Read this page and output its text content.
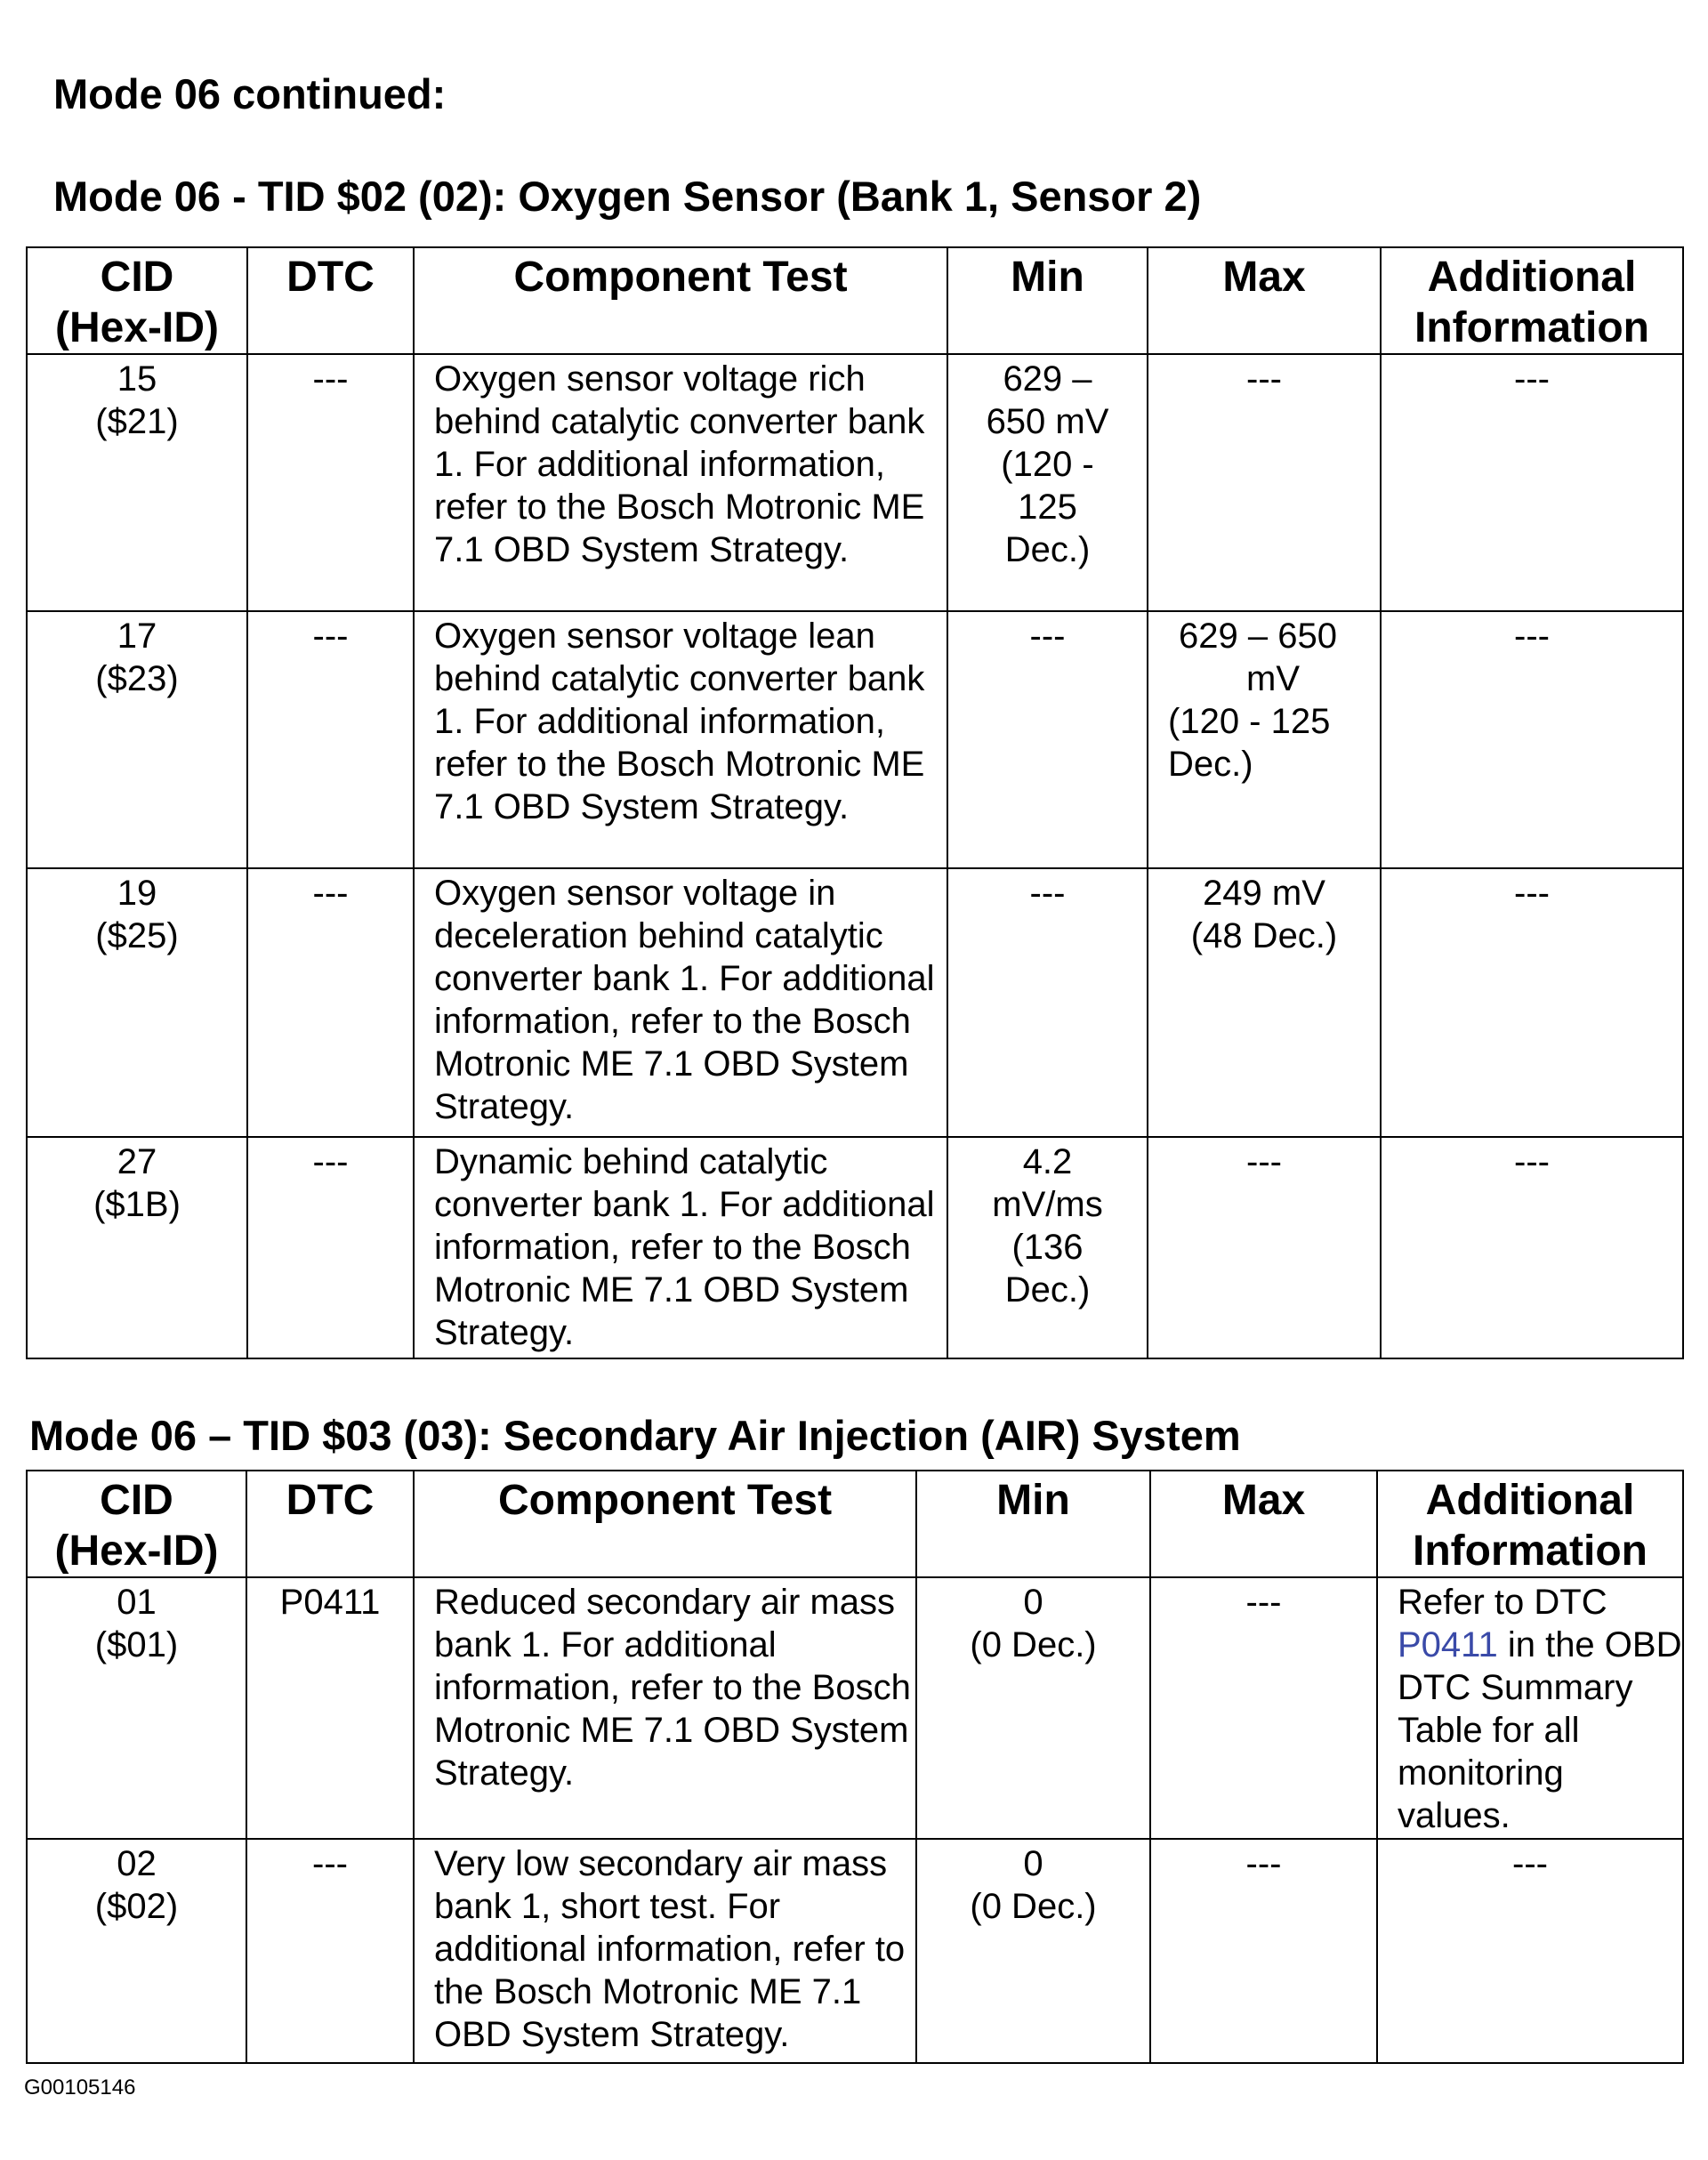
Mode 06 continued:
Mode 06 - TID $02 (02): Oxygen Sensor (Bank 1, Sensor 2)
CID
(Hex-ID)	DTC	Component Test	Min	Max	Additional
Information

15
($21)	---	Oxygen sensor voltage rich behind catalytic converter bank 1. For additional information, refer to the Bosch Motronic ME 7.1 OBD System Strategy.	629 –
650 mV
(120 -
125
Dec.)	---	---

17
($23)	---	Oxygen sensor voltage lean behind catalytic converter bank 1. For additional information, refer to the Bosch Motronic ME 7.1 OBD System Strategy.	---	629 – 650
mV
(120 - 125
Dec.)	---

19
($25)	---	Oxygen sensor voltage in deceleration behind catalytic converter bank 1. For additional information, refer to the Bosch Motronic ME 7.1 OBD System Strategy.	---	249 mV
(48 Dec.)	---

27
($1B)	---	Dynamic behind catalytic converter bank 1. For additional information, refer to the Bosch Motronic ME 7.1 OBD System Strategy.	4.2
mV/ms
(136
Dec.)	---	---
Mode 06 – TID $03 (03): Secondary Air Injection (AIR) System
CID
(Hex-ID)	DTC	Component Test	Min	Max	Additional
Information

01
($01)	P0411	Reduced secondary air mass bank 1. For additional information, refer to the Bosch Motronic ME 7.1 OBD System Strategy.	0
(0 Dec.)	---	Refer to DTC P0411 in the OBD DTC Summary Table for all monitoring values.

02
($02)	---	Very low secondary air mass bank 1, short test. For additional information, refer to the Bosch Motronic ME 7.1 OBD System Strategy.	0
(0 Dec.)	---	---

G00105146
